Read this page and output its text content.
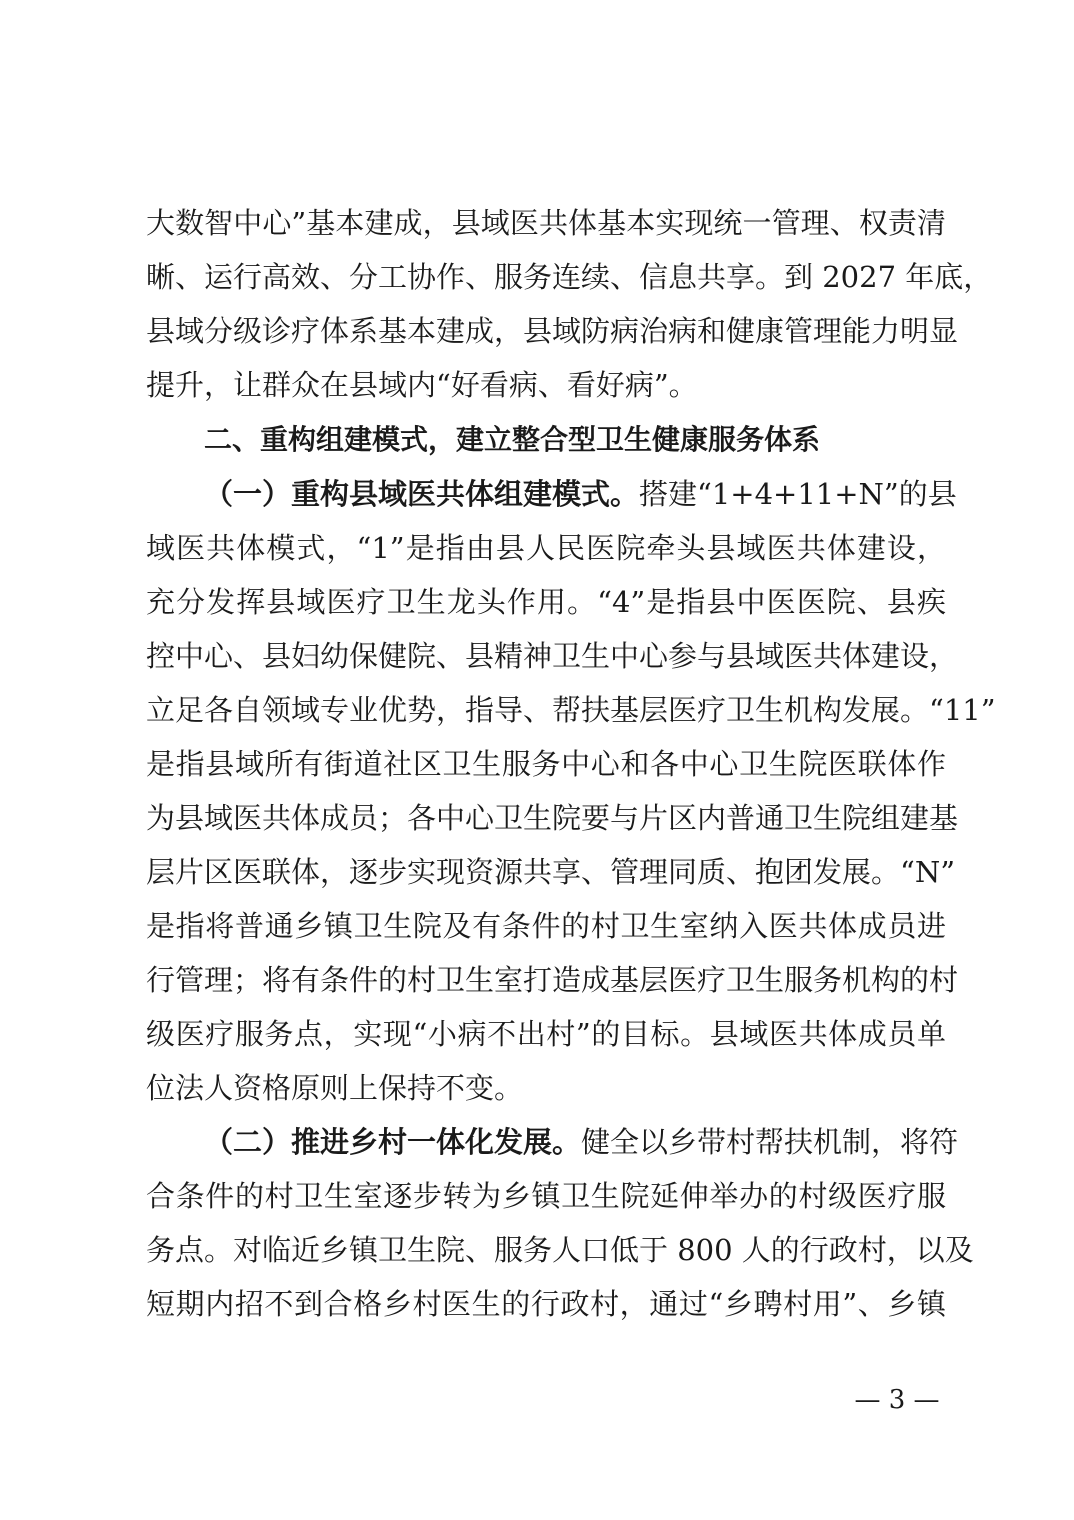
大数智中心”基本建成，县域医共体基本实现统一管理、权责清
晰、运行高效、分工协作、服务连续、信息共享。到 2027 年底，
县域分级诊疗体系基本建成，县域防病治病和健康管理能力明显
提升，让群众在县域内“好看病、看好病”。
二、重构组建模式，建立整合型卫生健康服务体系
（一）重构县域医共体组建模式。搭建“1+4+11+N”的县
域医共体模式，“1”是指由县人民医院牵头县域医共体建设，
充分发挥县域医疗卫生龙头作用。“4”是指县中医医院、县疾
控中心、县妇幼保健院、县精神卫生中心参与县域医共体建设，
立足各自领域专业优势，指导、帮扶基层医疗卫生机构发展。“11”
是指县域所有街道社区卫生服务中心和各中心卫生院医联体作
为县域医共体成员；各中心卫生院要与片区内普通卫生院组建基
层片区医联体，逐步实现资源共享、管理同质、抱团发展。“N”
是指将普通乡镇卫生院及有条件的村卫生室纳入医共体成员进
行管理；将有条件的村卫生室打造成基层医疗卫生服务机构的村
级医疗服务点，实现“小病不出村”的目标。县域医共体成员单
位法人资格原则上保持不变。
（二）推进乡村一体化发展。健全以乡带村帮扶机制，将符
合条件的村卫生室逐步转为乡镇卫生院延伸举办的村级医疗服
务点。对临近乡镇卫生院、服务人口低于 800 人的行政村，以及
短期内招不到合格乡村医生的行政村，通过“乡聘村用”、乡镇
— 3 —
